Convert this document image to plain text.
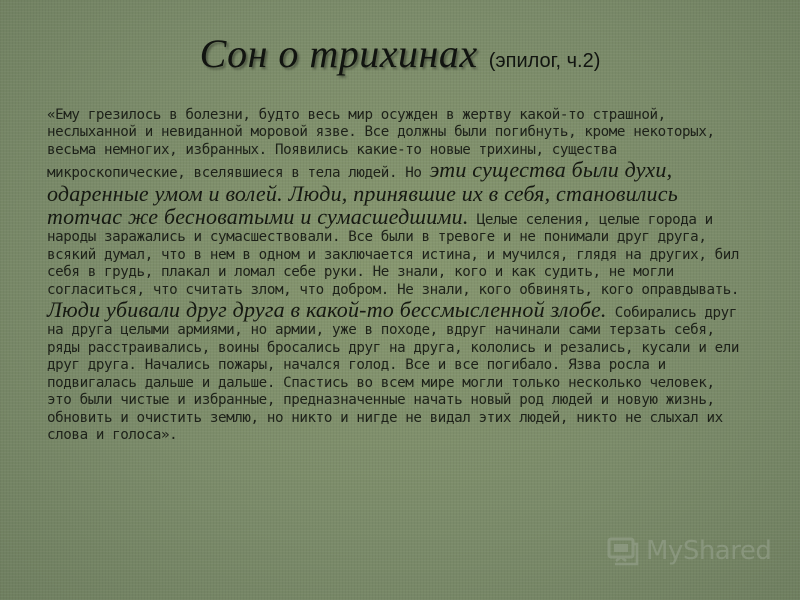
Сон о трихинах (эпилог, ч.2)

«Ему грезилось в болезни, будто весь мир осужден в жертву какой-то страшной, неслыханной и невиданной моровой язве. Все должны были погибнуть, кроме некоторых, весьма немногих, избранных. Появились какие-то новые трихины, существа микроскопические, вселявшиеся в тела людей. Но эти существа были духи, одаренные умом и волей. Люди, принявшие их в себя, становились тотчас же бесноватыми и сумасшедшими. Целые селения, целые города и народы заражались и сумасшествовали. Все были в тревоге и не понимали друг друга, всякий думал, что в нем в одном и заключается истина, и мучился, глядя на других, бил себя в грудь, плакал и ломал себе руки. Не знали, кого и как судить, не могли согласиться, что считать злом, что добром. Не знали, кого обвинять, кого оправдывать. Люди убивали друг друга в какой-то бессмысленной злобе. Собирались друг на друга целыми армиями, но армии, уже в походе, вдруг начинали сами терзать себя, ряды расстраивались, воины бросались друг на друга, кололись и резались, кусали и ели друг друга. Начались пожары, начался голод. Все и все погибало. Язва росла и подвигалась дальше и дальше. Спастись во всем мире могли только несколько человек, это были чистые и избранные, предназначенные начать новый род людей и новую жизнь, обновить и очистить землю, но никто и нигде не видал этих людей, никто не слыхал их слова и голоса».

MyShared
